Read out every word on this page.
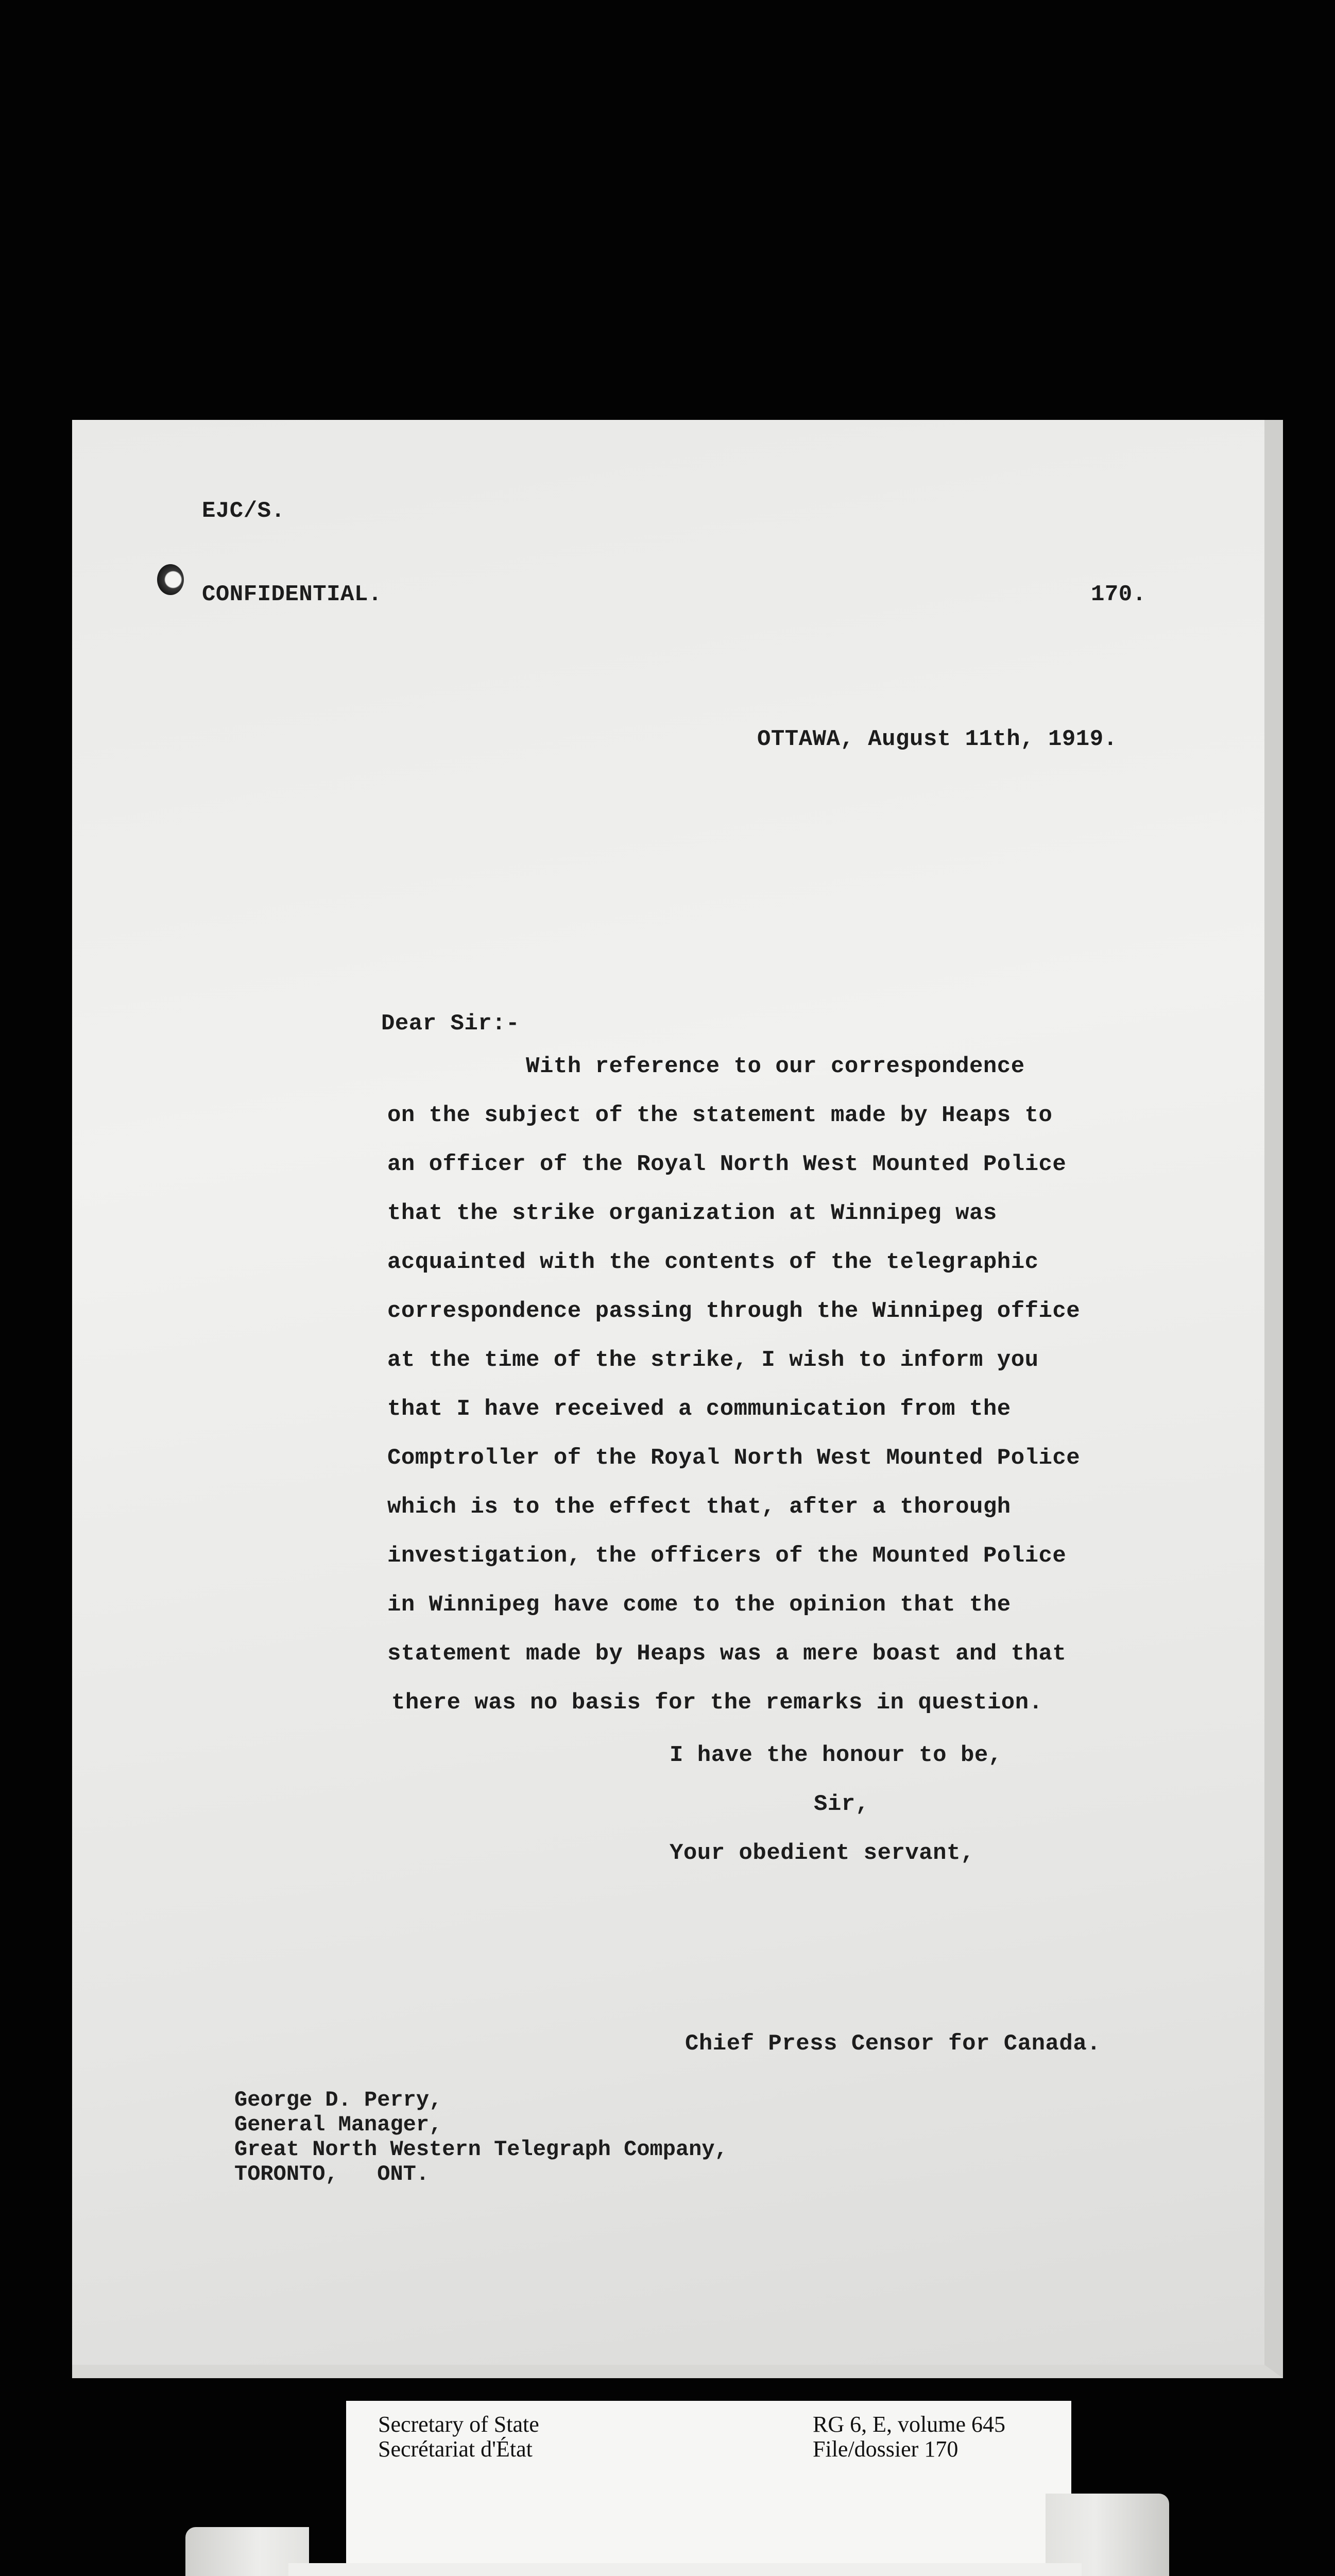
EJC/S.
CONFIDENTIAL.	170.
OTTAWA, August 11th, 1919.
Dear Sir:-
With reference to our correspondence
on the subject of the statement made by Heaps to
an officer of the Royal North West Mounted Police
that the strike organization at Winnipeg was
acquainted with the contents of the telegraphic
correspondence passing through the Winnipeg office
at the time of the strike, I wish to inform you
that I have received a communication from the
Comptroller of the Royal North West Mounted Police
which is to the effect that, after a thorough
investigation, the officers of the Mounted Police
in Winnipeg have come to the opinion that the
statement made by Heaps was a mere boast and that
there was no basis for the remarks in question.
I have the honour to be,
Sir,
Your obedient servant,
Chief Press Censor for Canada.
George D. Perry,
General Manager,
Great North Western Telegraph Company,
TORONTO,   ONT.
Secretary of State
Secrétariat d'État
RG 6, E, volume 645
File/dossier 170
